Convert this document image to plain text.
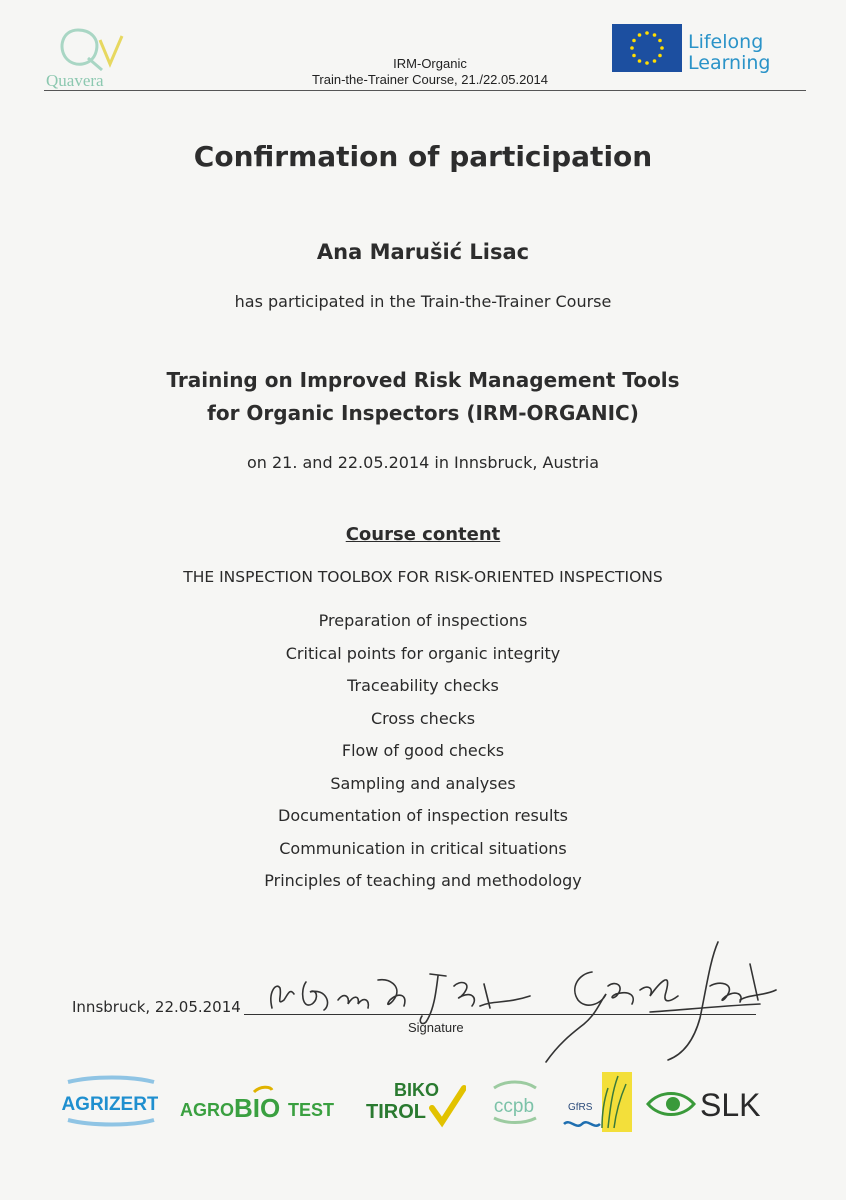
Quavera
IRM-Organic
Train-the-Trainer Course, 21./22.05.2014
Lifelong
Learning
Confirmation of participation
Ana Marušić Lisac
has participated in the Train-the-Trainer Course
Training on Improved Risk Management Tools
for Organic Inspectors (IRM-ORGANIC)
on 21. and 22.05.2014 in Innsbruck, Austria
Course content
THE INSPECTION TOOLBOX FOR RISK-ORIENTED INSPECTIONS
Preparation of inspections
Critical points for organic integrity
Traceability checks
Cross checks
Flow of good checks
Sampling and analyses
Documentation of inspection results
Communication in critical situations
Principles of teaching and methodology
Innsbruck, 22.05.2014
Signature
AGRIZERT AGRO BIO TEST
BIKO
TIROL	ccpb	GfRS	SLK
